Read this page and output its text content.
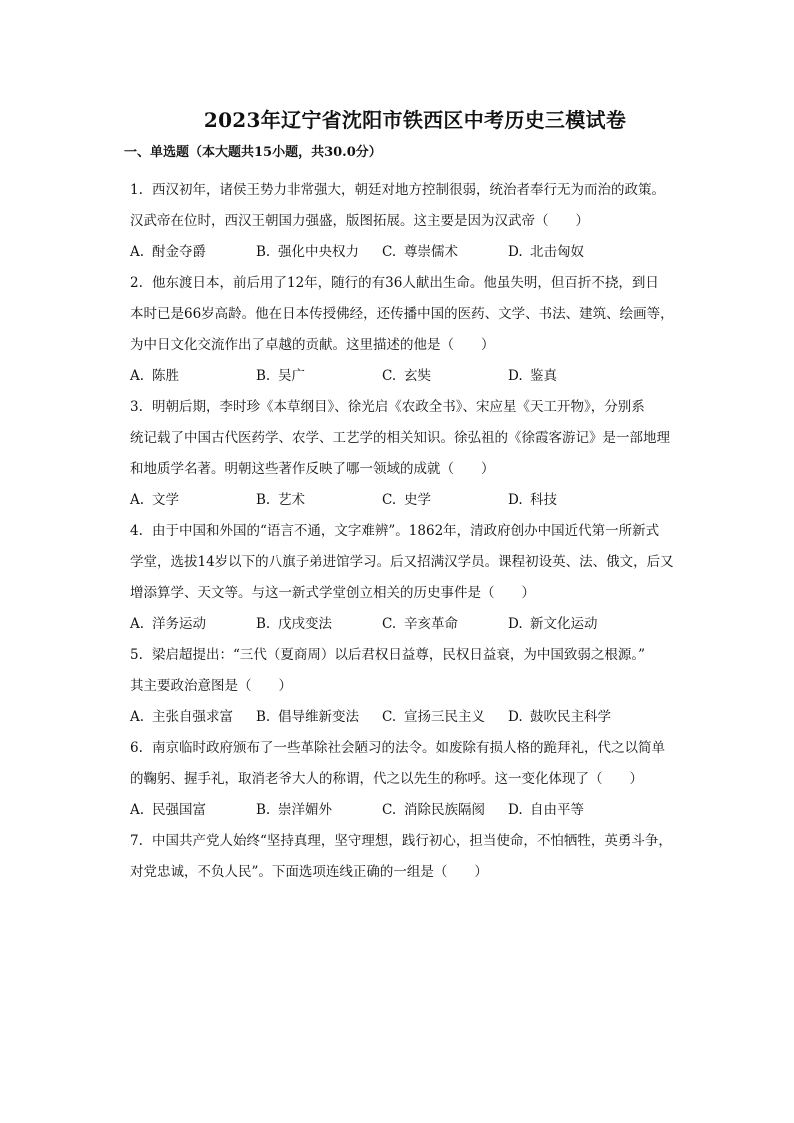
2023年辽宁省沈阳市铁西区中考历史三模试卷
一、单选题（本大题共15小题，共30.0分）
1. 西汉初年，诸侯王势力非常强大，朝廷对地方控制很弱，统治者奉行无为而治的政策。
汉武帝在位时，西汉王朝国力强盛，版图拓展。这主要是因为汉武帝（　　）
A. 酎金夺爵	B. 强化中央权力	C. 尊崇儒术	D. 北击匈奴
2. 他东渡日本，前后用了12年，随行的有36人献出生命。他虽失明，但百折不挠，到日
本时已是66岁高龄。他在日本传授佛经，还传播中国的医药、文学、书法、建筑、绘画等，
为中日文化交流作出了卓越的贡献。这里描述的他是（　　）
A. 陈胜	B. 吴广	C. 玄奘	D. 鉴真
3. 明朝后期，李时珍《本草纲目》、徐光启《农政全书》、宋应星《天工开物》，分别系
统记载了中国古代医药学、农学、工艺学的相关知识。徐弘祖的《徐霞客游记》是一部地理
和地质学名著。明朝这些著作反映了哪一领域的成就（　　）
A. 文学	B. 艺术	C. 史学	D. 科技
4. 由于中国和外国的“语言不通，文字难辨”。1862年，清政府创办中国近代第一所新式
学堂，选拔14岁以下的八旗子弟进馆学习。后又招满汉学员。课程初设英、法、俄文，后又
增添算学、天文等。与这一新式学堂创立相关的历史事件是（　　）
A. 洋务运动	B. 戊戌变法	C. 辛亥革命	D. 新文化运动
5. 梁启超提出：“三代（夏商周）以后君权日益尊，民权日益衰，为中国致弱之根源。”
其主要政治意图是（　　）
A. 主张自强求富	B. 倡导维新变法	C. 宣扬三民主义	D. 鼓吹民主科学
6. 南京临时政府颁布了一些革除社会陋习的法令。如废除有损人格的跪拜礼，代之以简单
的鞠躬、握手礼，取消老爷大人的称谓，代之以先生的称呼。这一变化体现了（　　）
A. 民强国富	B. 崇洋媚外	C. 消除民族隔阂	D. 自由平等
7. 中国共产党人始终“坚持真理，坚守理想，践行初心，担当使命，不怕牺牲，英勇斗争，
对党忠诚，不负人民”。下面选项连线正确的一组是（　　）
